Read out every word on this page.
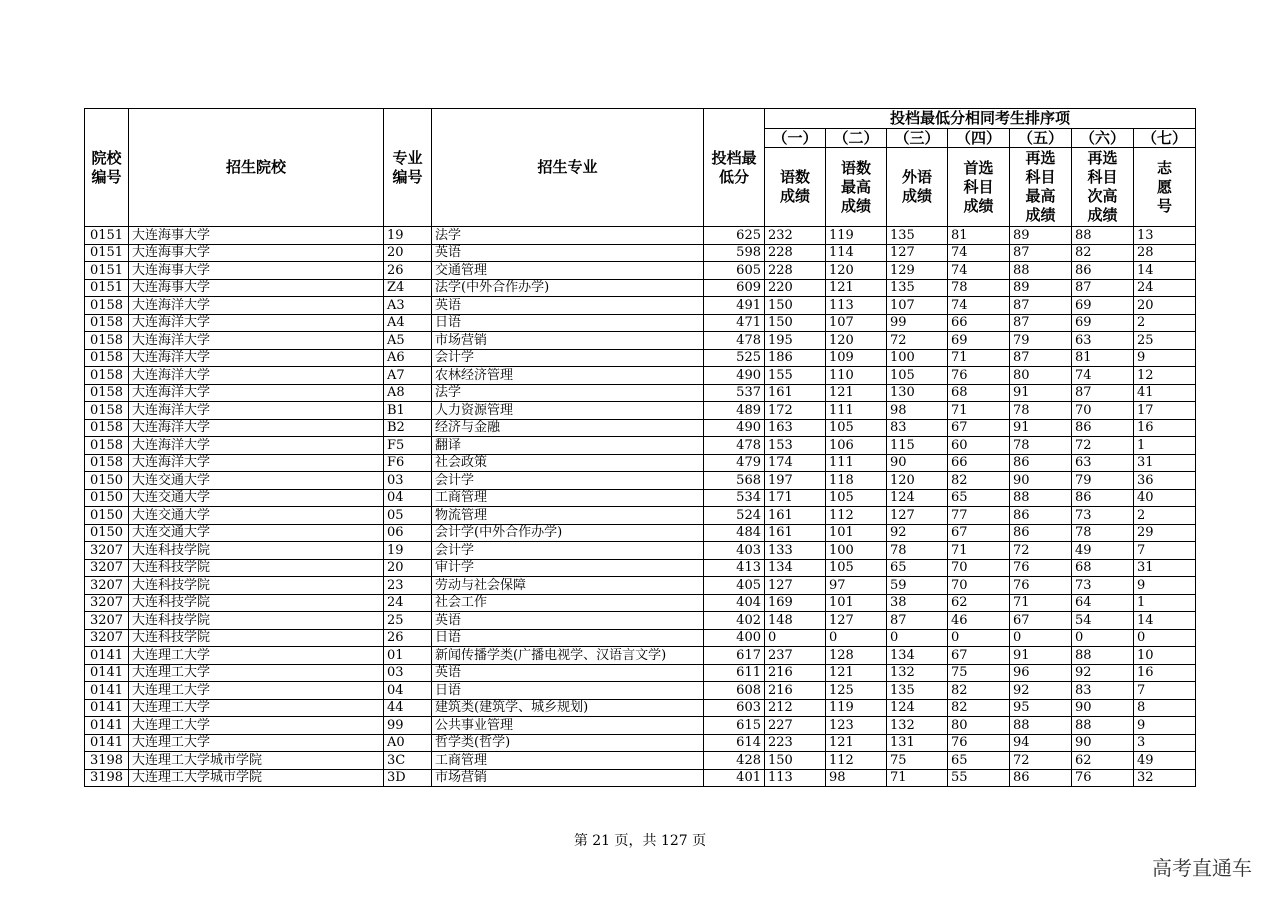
院校编号	招生院校	专业编号	招生专业	投档最低分	投档最低分相同考生排序项						
					（一）	（二）	（三）	（四）	（五）	（六）	（七）
					语数成绩	语数最高成绩	外语成绩	首选科目成绩	再选科目最高成绩	再选科目次高成绩	志愿号
0151	大连海事大学	19	法学	625	232	119	135	81	89	88	13
0151	大连海事大学	20	英语	598	228	114	127	74	87	82	28
0151	大连海事大学	26	交通管理	605	228	120	129	74	88	86	14
0151	大连海事大学	Z4	法学(中外合作办学)	609	220	121	135	78	89	87	24
0158	大连海洋大学	A3	英语	491	150	113	107	74	87	69	20
0158	大连海洋大学	A4	日语	471	150	107	99	66	87	69	2
0158	大连海洋大学	A5	市场营销	478	195	120	72	69	79	63	25
0158	大连海洋大学	A6	会计学	525	186	109	100	71	87	81	9
0158	大连海洋大学	A7	农林经济管理	490	155	110	105	76	80	74	12
0158	大连海洋大学	A8	法学	537	161	121	130	68	91	87	41
0158	大连海洋大学	B1	人力资源管理	489	172	111	98	71	78	70	17
0158	大连海洋大学	B2	经济与金融	490	163	105	83	67	91	86	16
0158	大连海洋大学	F5	翻译	478	153	106	115	60	78	72	1
0158	大连海洋大学	F6	社会政策	479	174	111	90	66	86	63	31
0150	大连交通大学	03	会计学	568	197	118	120	82	90	79	36
0150	大连交通大学	04	工商管理	534	171	105	124	65	88	86	40
0150	大连交通大学	05	物流管理	524	161	112	127	77	86	73	2
0150	大连交通大学	06	会计学(中外合作办学)	484	161	101	92	67	86	78	29
3207	大连科技学院	19	会计学	403	133	100	78	71	72	49	7
3207	大连科技学院	20	审计学	413	134	105	65	70	76	68	31
3207	大连科技学院	23	劳动与社会保障	405	127	97	59	70	76	73	9
3207	大连科技学院	24	社会工作	404	169	101	38	62	71	64	1
3207	大连科技学院	25	英语	402	148	127	87	46	67	54	14
3207	大连科技学院	26	日语	400	0	0	0	0	0	0	0
0141	大连理工大学	01	新闻传播学类(广播电视学、汉语言文学)	617	237	128	134	67	91	88	10
0141	大连理工大学	03	英语	611	216	121	132	75	96	92	16
0141	大连理工大学	04	日语	608	216	125	135	82	92	83	7
0141	大连理工大学	44	建筑类(建筑学、城乡规划)	603	212	119	124	82	95	90	8
0141	大连理工大学	99	公共事业管理	615	227	123	132	80	88	88	9
0141	大连理工大学	A0	哲学类(哲学)	614	223	121	131	76	94	90	3
3198	大连理工大学城市学院	3C	工商管理	428	150	112	75	65	72	62	49
3198	大连理工大学城市学院	3D	市场营销	401	113	98	71	55	86	76	32
第 21 页，共 127 页
高考直通车
